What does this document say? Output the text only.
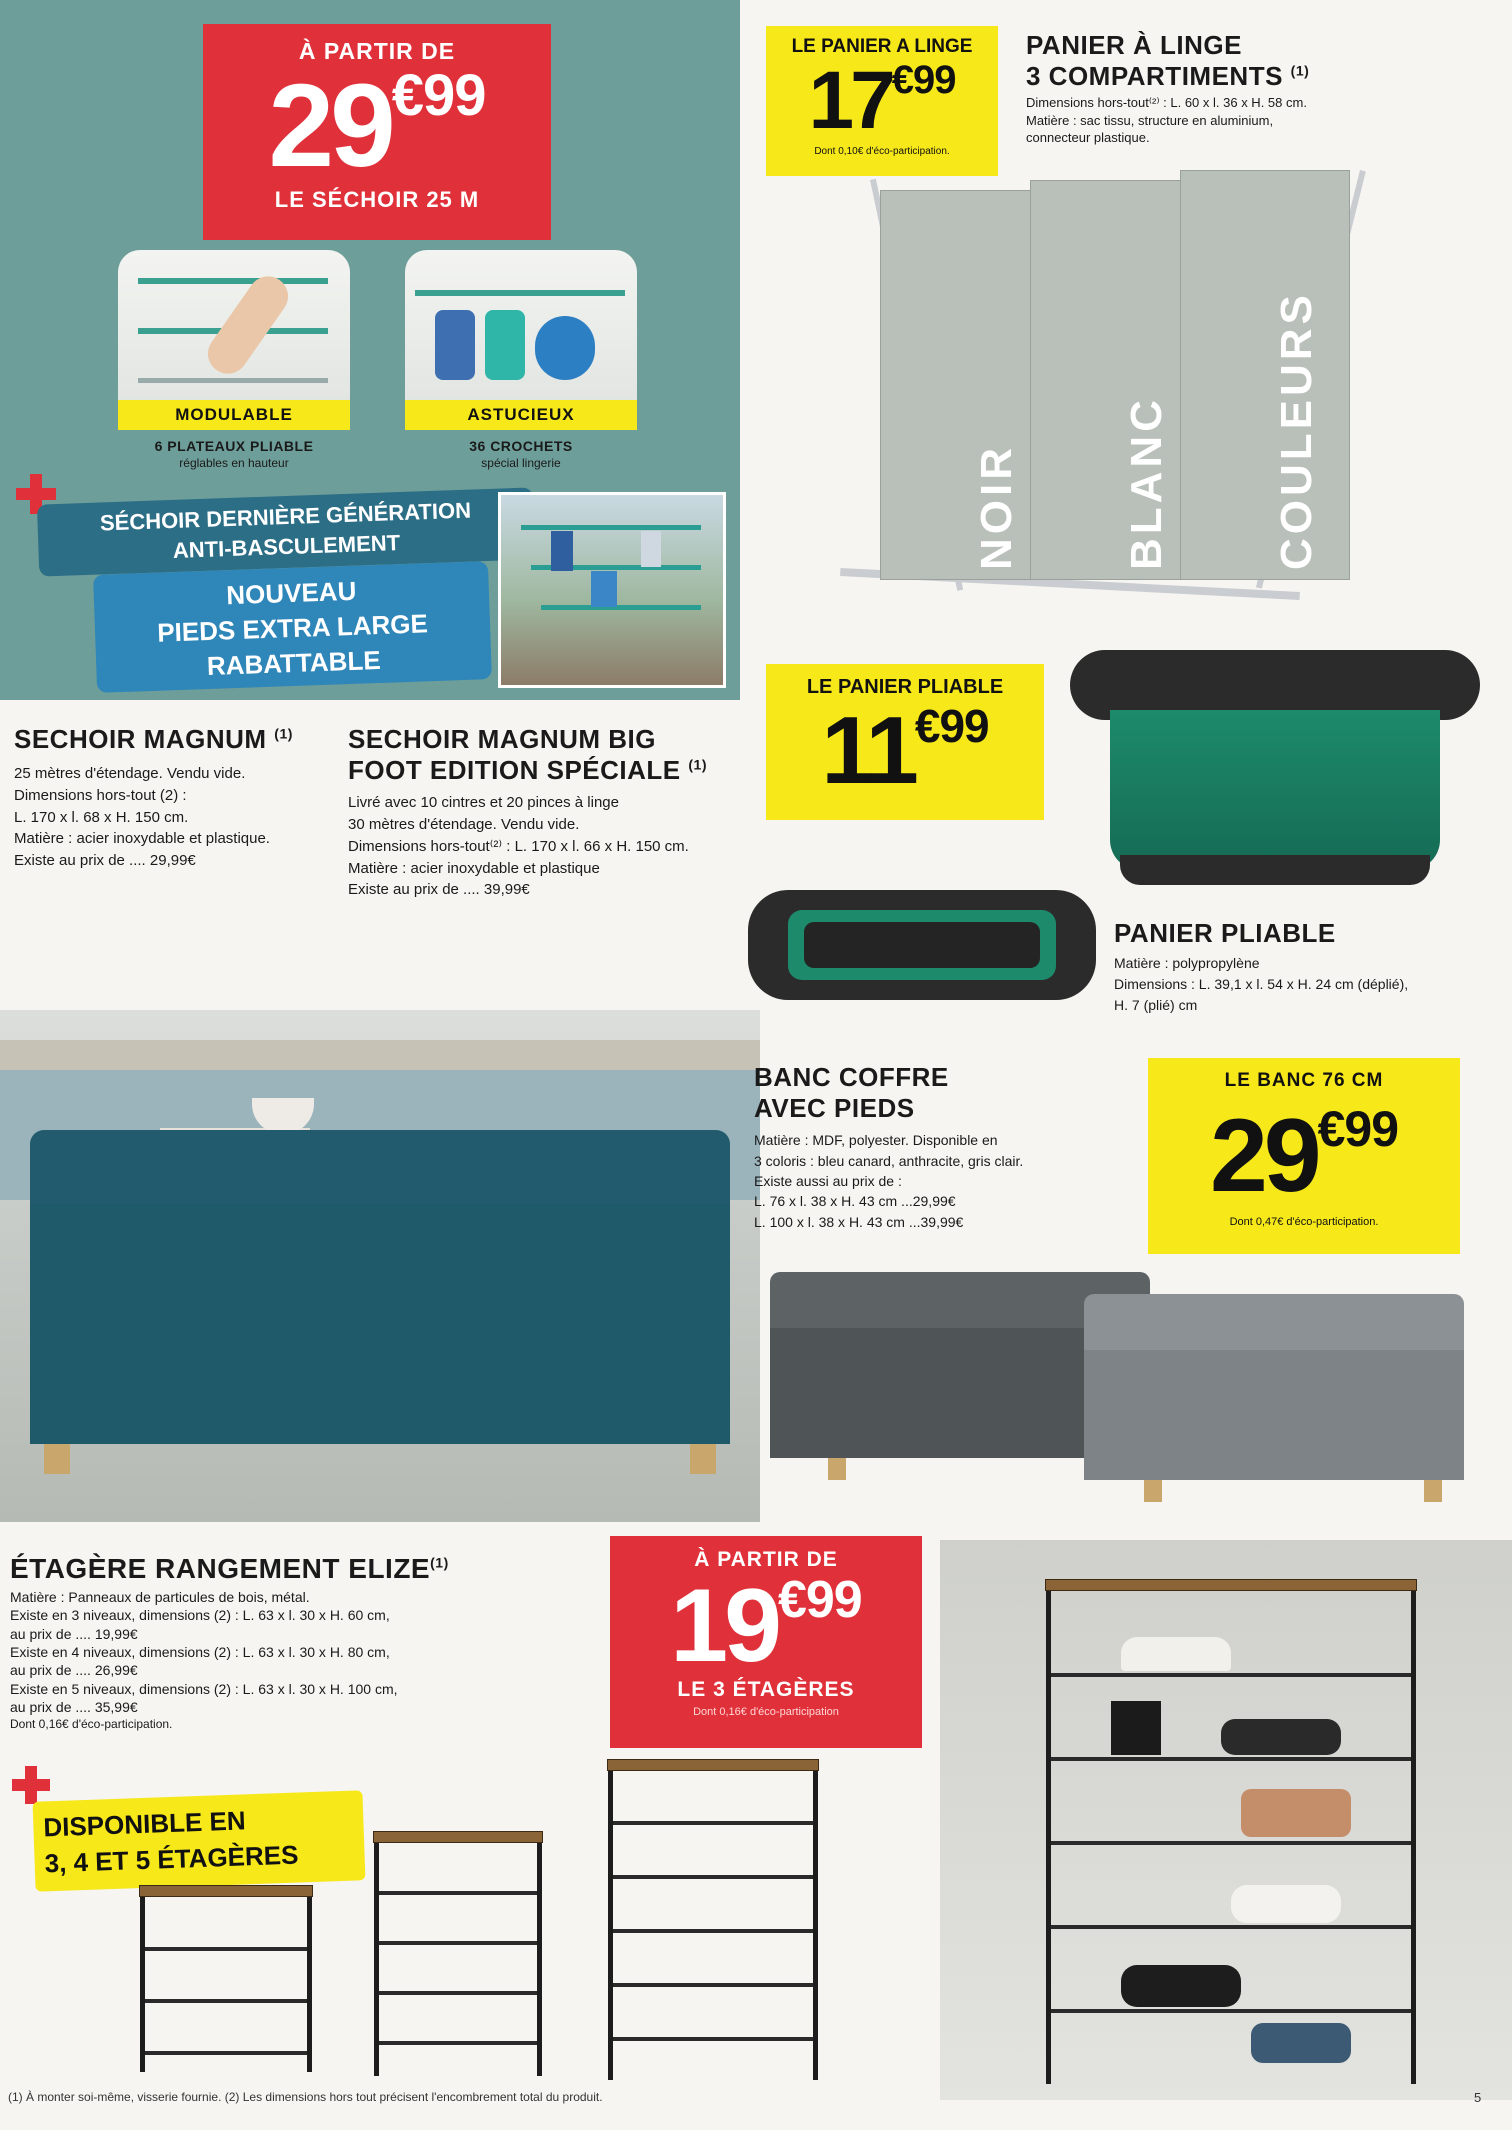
À PARTIR DE
29€99
LE SÉCHOIR 25 M
MODULABLE
6 PLATEAUX PLIABLE
réglables en hauteur
ASTUCIEUX
36 CROCHETS
spécial lingerie
SÉCHOIR DERNIÈRE GÉNÉRATION
ANTI-BASCULEMENT
NOUVEAU
PIEDS EXTRA LARGE
RABATTABLE
SECHOIR MAGNUM $^{(1)}$
25 mètres d'étendage. Vendu vide.
Dimensions hors-tout (2) :
L. 170 x l. 68 x H. 150 cm.
Matière : acier inoxydable et plastique.
Existe au prix de .... 29,99€
SECHOIR MAGNUM BIG
FOOT EDITION SPÉCIALE $^{(1)}$
Livré avec 10 cintres et 20 pinces à linge
30 mètres d'étendage. Vendu vide.
Dimensions hors-tout⁽²⁾ : L. 170 x l. 66 x H. 150 cm.
Matière : acier inoxydable et plastique
Existe au prix de .... 39,99€
LE PANIER A LINGE
17€99
Dont 0,10€ d'éco-participation.
PANIER À LINGE
3 COMPARTIMENTS $^{(1)}$
Dimensions hors-tout⁽²⁾ : L. 60 x l. 36 x H. 58 cm.
Matière : sac tissu, structure en aluminium,
connecteur plastique.
NOIR BLANC COULEURS
LE PANIER PLIABLE
11€99
PANIER PLIABLE
Matière : polypropylène
Dimensions : L. 39,1 x l. 54 x H. 24 cm (déplié),
H. 7 (plié) cm
BANC COFFRE
AVEC PIEDS
Matière : MDF, polyester. Disponible en
3 coloris : bleu canard, anthracite, gris clair.
Existe aussi au prix de :
L. 76 x l. 38 x H. 43 cm ...29,99€
L. 100 x l. 38 x H. 43 cm ...39,99€
LE BANC 76 CM
29€99
Dont 0,47€ d'éco-participation.
ÉTAGÈRE RANGEMENT ELIZE$^{(1)}$
Matière : Panneaux de particules de bois, métal.
Existe en 3 niveaux, dimensions (2) : L. 63 x l. 30 x H. 60 cm,
au prix de .... 19,99€
Existe en 4 niveaux, dimensions (2) : L. 63 x l. 30 x H. 80 cm,
au prix de .... 26,99€
Existe en 5 niveaux, dimensions (2) : L. 63 x l. 30 x H. 100 cm,
au prix de .... 35,99€
Dont 0,16€ d'éco-participation.
À PARTIR DE
19€99
LE 3 ÉTAGÈRES
Dont 0,16€ d'éco-participation
DISPONIBLE EN
3, 4 ET 5 ÉTAGÈRES
(1) À monter soi-même, visserie fournie. (2) Les dimensions hors tout précisent l'encombrement total du produit.	5
